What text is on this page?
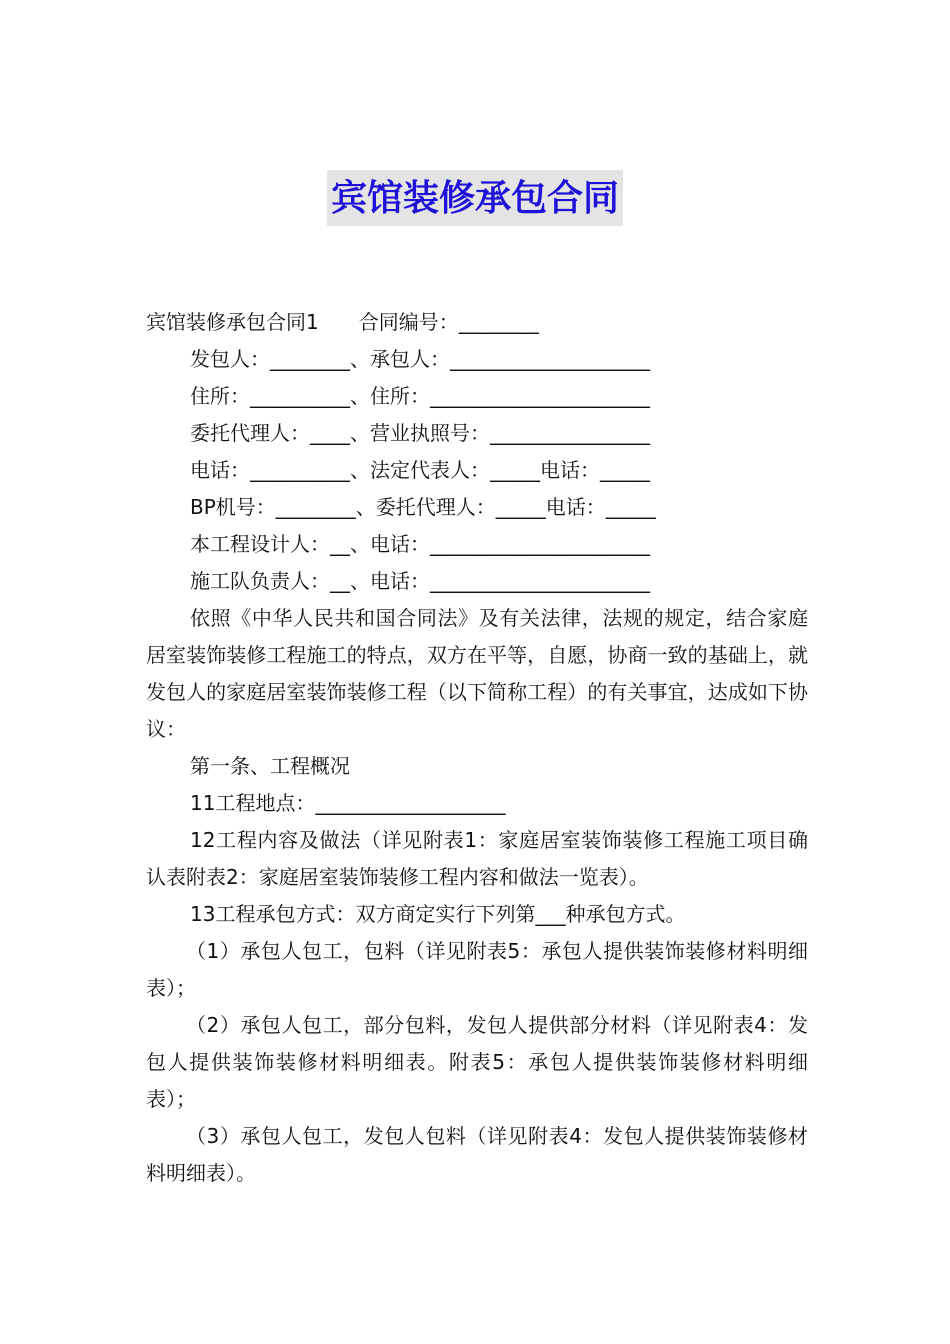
宾馆装修承包合同
宾馆装修承包合同1　　合同编号：________
发包人：________、承包人：____________________
住所：__________、住所：______________________
委托代理人：____、营业执照号：________________
电话：__________、法定代表人：_____电话：_____
BP机号：________、委托代理人：_____电话：_____
本工程设计人：__、电话：______________________
施工队负责人：__、电话：______________________
依照《中华人民共和国合同法》及有关法律，法规的规定，结合家庭居室装饰装修工程施工的特点，双方在平等，自愿，协商一致的基础上，就发包人的家庭居室装饰装修工程（以下简称工程）的有关事宜，达成如下协议：
第一条、工程概况
11工程地点：___________________
12工程内容及做法（详见附表1：家庭居室装饰装修工程施工项目确认表附表2：家庭居室装饰装修工程内容和做法一览表）。
13工程承包方式：双方商定实行下列第___种承包方式。
（1）承包人包工，包料（详见附表5：承包人提供装饰装修材料明细表）；
（2）承包人包工，部分包料，发包人提供部分材料（详见附表4：发包人提供装饰装修材料明细表。附表5：承包人提供装饰装修材料明细表）；
（3）承包人包工，发包人包料（详见附表4：发包人提供装饰装修材料明细表）。
